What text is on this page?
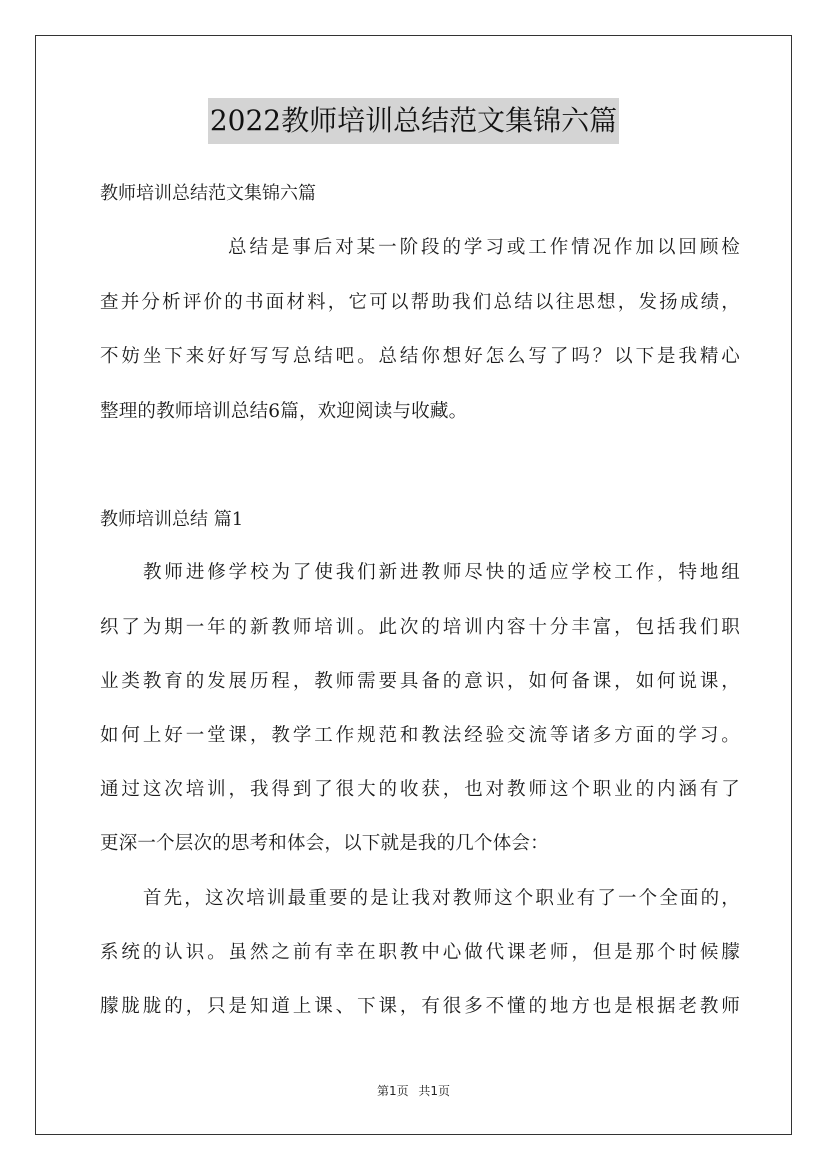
2022教师培训总结范文集锦六篇
教师培训总结范文集锦六篇
总结是事后对某一阶段的学习或工作情况作加以回顾检
查并分析评价的书面材料，它可以帮助我们总结以往思想，发扬成绩，
不妨坐下来好好写写总结吧。总结你想好怎么写了吗？以下是我精心
整理的教师培训总结6篇，欢迎阅读与收藏。
教师培训总结 篇1
教师进修学校为了使我们新进教师尽快的适应学校工作，特地组
织了为期一年的新教师培训。此次的培训内容十分丰富，包括我们职
业类教育的发展历程，教师需要具备的意识，如何备课，如何说课，
如何上好一堂课，教学工作规范和教法经验交流等诸多方面的学习。
通过这次培训，我得到了很大的收获，也对教师这个职业的内涵有了
更深一个层次的思考和体会，以下就是我的几个体会：
首先，这次培训最重要的是让我对教师这个职业有了一个全面的，
系统的认识。虽然之前有幸在职教中心做代课老师，但是那个时候朦
朦胧胧的，只是知道上课、下课，有很多不懂的地方也是根据老教师
第1页 共1页
